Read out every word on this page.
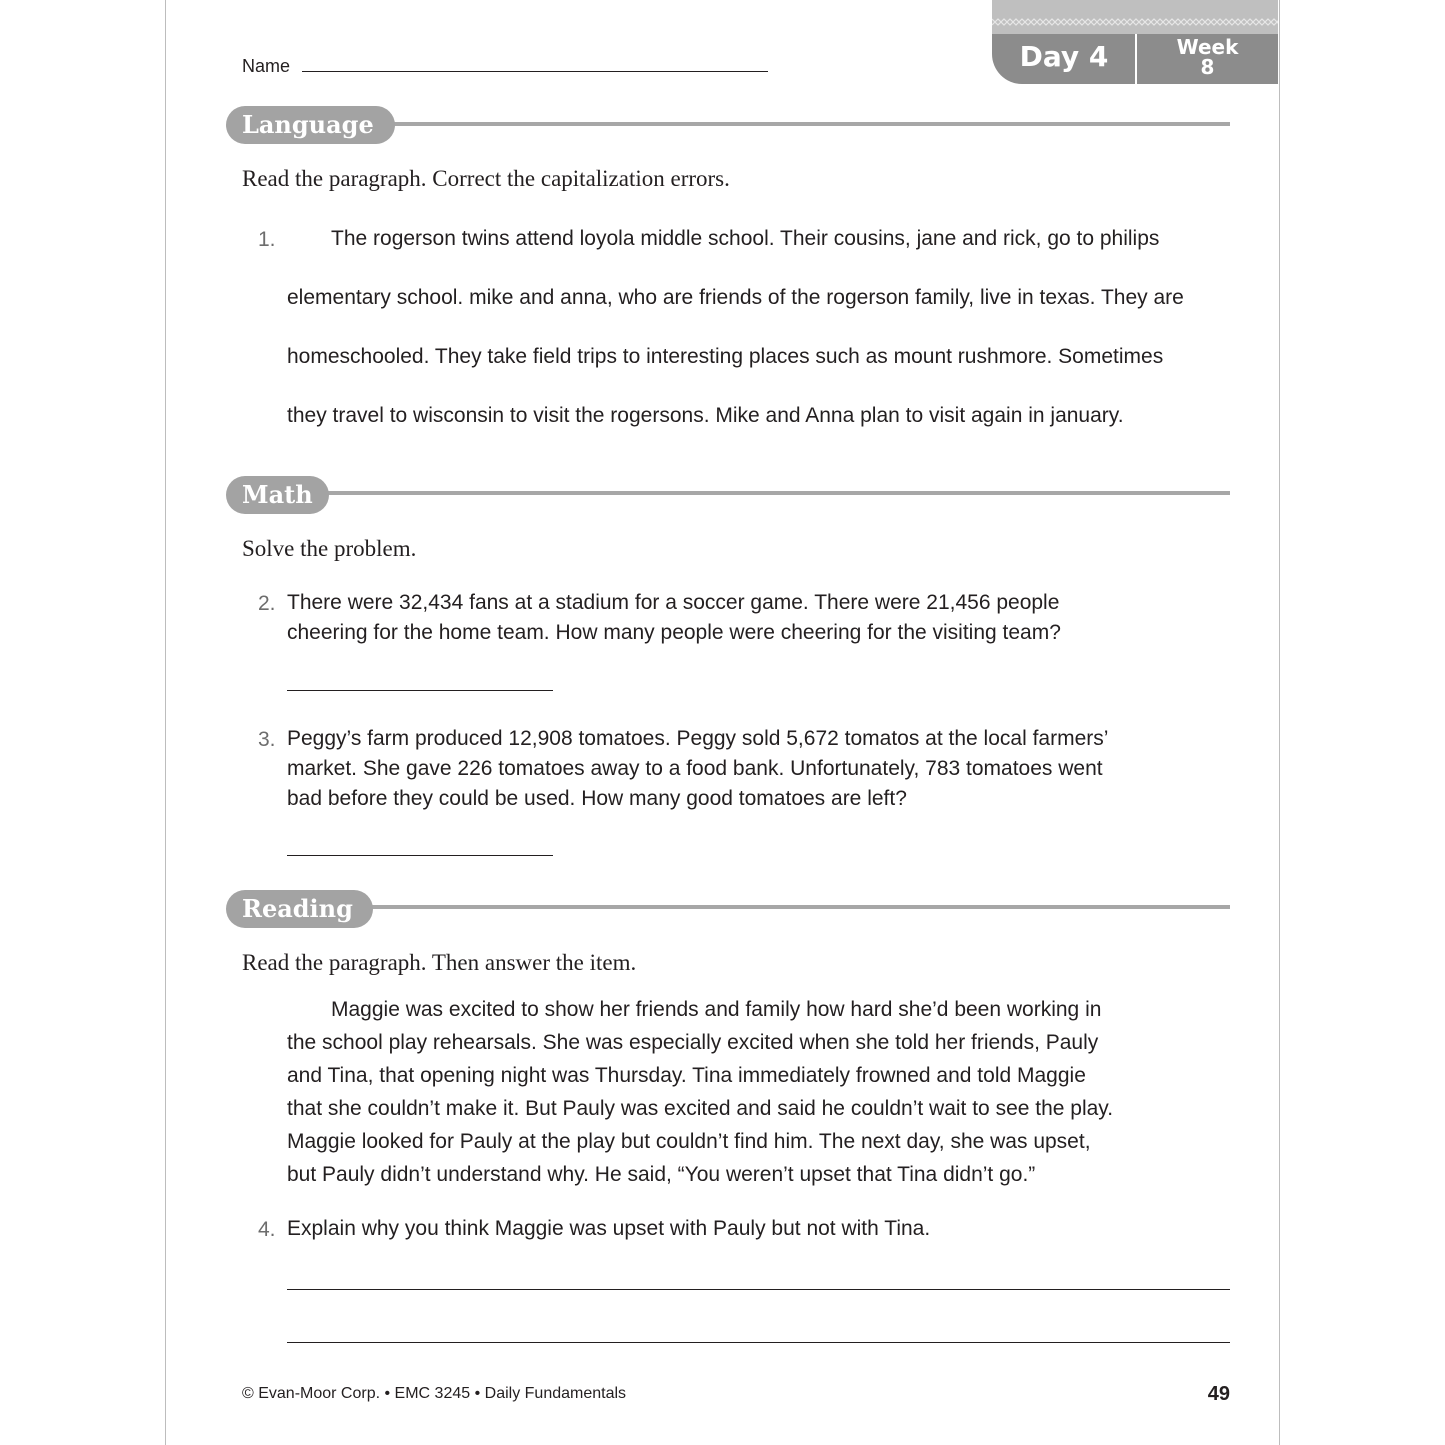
Name	Day 4	Week
8
Language
Read the paragraph. Correct the capitalization errors.
1.	The rogerson twins attend loyola middle school. Their cousins, jane and rick, go to philips
elementary school. mike and anna, who are friends of the rogerson family, live in texas. They are
homeschooled. They take field trips to interesting places such as mount rushmore. Sometimes
they travel to wisconsin to visit the rogersons. Mike and Anna plan to visit again in january.
Math
Solve the problem.
2. There were 32,434 fans at a stadium for a soccer game. There were 21,456 people
cheering for the home team. How many people were cheering for the visiting team?
3. Peggy’s farm produced 12,908 tomatoes. Peggy sold 5,672 tomatos at the local farmers’
market. She gave 226 tomatoes away to a food bank. Unfortunately, 783 tomatoes went
bad before they could be used. How many good tomatoes are left?
Reading
Read the paragraph. Then answer the item.
Maggie was excited to show her friends and family how hard she’d been working in
the school play rehearsals. She was especially excited when she told her friends, Pauly
and Tina, that opening night was Thursday. Tina immediately frowned and told Maggie
that she couldn’t make it. But Pauly was excited and said he couldn’t wait to see the play.
Maggie looked for Pauly at the play but couldn’t find him. The next day, she was upset,
but Pauly didn’t understand why. He said, “You weren’t upset that Tina didn’t go.”
4. Explain why you think Maggie was upset with Pauly but not with Tina.
© Evan-Moor Corp. • EMC 3245 • Daily Fundamentals	49
